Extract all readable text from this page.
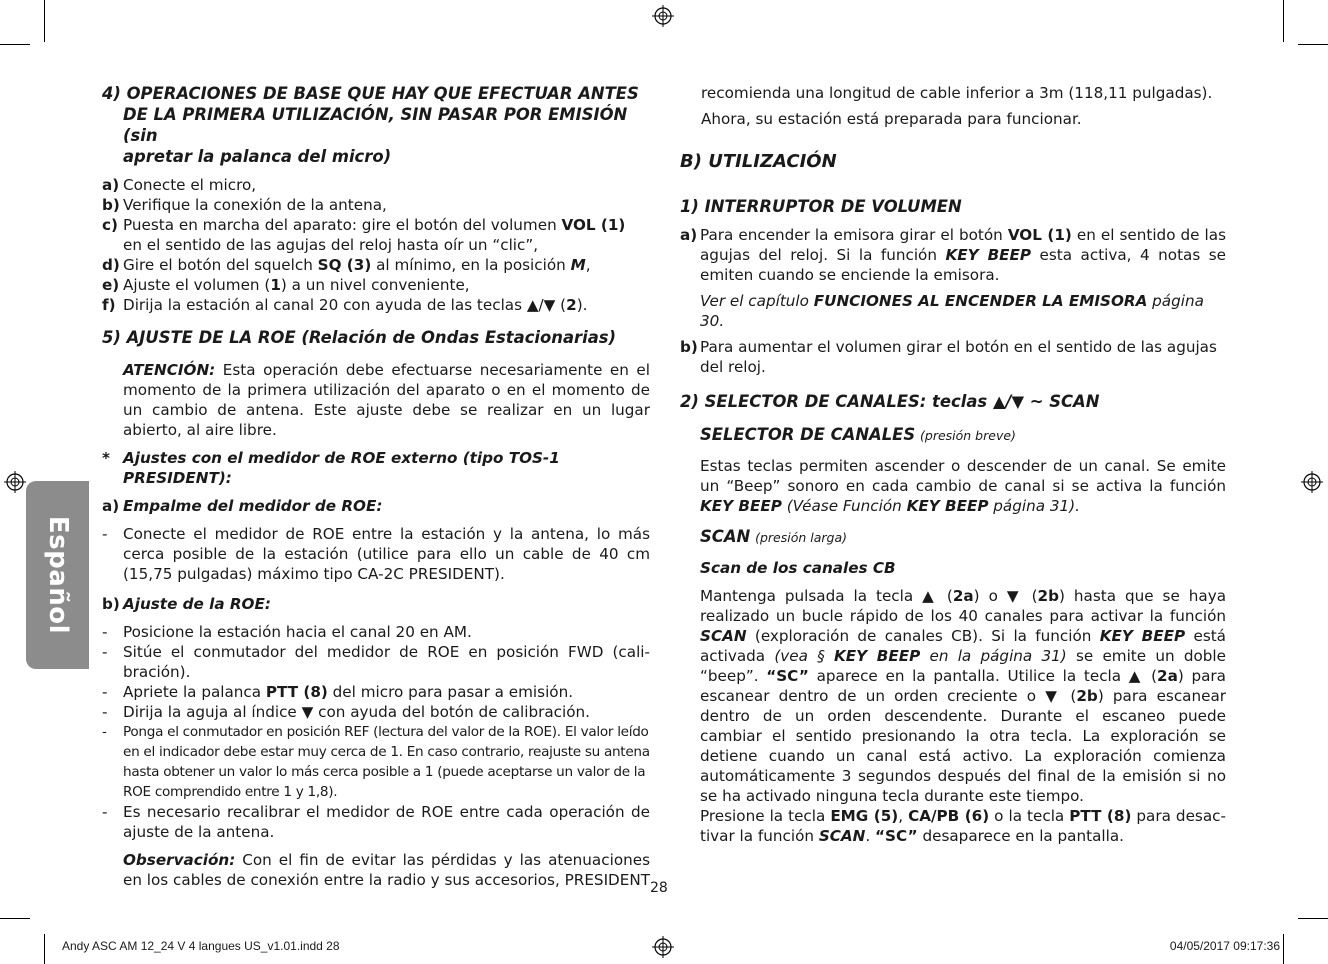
Español
4) OPERACIONES DE BASE QUE HAY QUE EFECTUAR ANTES
DE LA PRIMERA UTILIZACIÓN, SIN PASAR POR EMISIÓN (sin
apretar la palanca del micro)
a) Conecte el micro,
b) Verifique la conexión de la antena,
c) Puesta en marcha del aparato: gire el botón del volumen VOL (1)
en el sentido de las agujas del reloj hasta oír un “clic”,
d) Gire el botón del squelch SQ (3) al mínimo, en la posición M,
e) Ajuste el volumen (1) a un nivel conveniente,
f) Dirija la estación al canal 20 con ayuda de las teclas ▲/▼ (2).
5) AJUSTE DE LA ROE (Relación de Ondas Estacionarias)
ATENCIÓN: Esta operación debe efectuarse necesariamente en el momento de la primera utilización del aparato o en el momento de un cambio de antena. Este ajuste debe se realizar en un lugar abierto, al aire libre.
* Ajustes con el medidor de ROE externo (tipo TOS-1 PRESIDENT):
a) Empalme del medidor de ROE:
-	Conecte el medidor de ROE entre la estación y la antena, lo más cerca posible de la estación (utilice para ello un cable de 40 cm (15,75 pulgadas) máximo tipo CA-2C PRESIDENT).
b) Ajuste de la ROE:
-	Posicione la estación hacia el canal 20 en AM.
-	Sitúe el conmutador del medidor de ROE en posición FWD (cali-bración).
-	Apriete la palanca PTT (8) del micro para pasar a emisión.
-	Dirija la aguja al índice ▼ con ayuda del botón de calibración.
-	Ponga el conmutador en posición REF (lectura del valor de la ROE). El valor leído en el indicador debe estar muy cerca de 1. En caso contrario, reajuste su antena hasta obtener un valor lo más cerca posible a 1 (puede aceptarse un valor de la ROE comprendido entre 1 y 1,8).
-	Es necesario recalibrar el medidor de ROE entre cada operación de ajuste de la antena.
Observación: Con el fin de evitar las pérdidas y las atenuaciones en los cables de conexión entre la radio y sus accesorios, PRESIDENT
recomienda una longitud de cable inferior a 3m (118,11 pulgadas).
Ahora, su estación está preparada para funcionar.
B) UTILIZACIÓN
1) INTERRUPTOR DE VOLUMEN
a) Para encender la emisora girar el botón VOL (1) en el sentido de las agujas del reloj. Si la función KEY BEEP esta activa, 4 notas se emiten cuando se enciende la emisora.
Ver el capítulo FUNCIONES AL ENCENDER LA EMISORA página 30.
b) Para aumentar el volumen girar el botón en el sentido de las agujas del reloj.
2) SELECTOR DE CANALES: teclas ▲/▼ ~ SCAN
SELECTOR DE CANALES (presión breve)
Estas teclas permiten ascender o descender de un canal. Se emite un “Beep” sonoro en cada cambio de canal si se activa la función KEY BEEP (Véase Función KEY BEEP página 31).
SCAN (presión larga)
Scan de los canales CB
Mantenga pulsada la tecla ▲ (2a) o ▼ (2b) hasta que se haya realizado un bucle rápido de los 40 canales para activar la función SCAN (exploración de canales CB). Si la función KEY BEEP está activada (vea § KEY BEEP en la página 31) se emite un doble “beep”. “SC” aparece en la pantalla. Utilice la tecla ▲ (2a) para escanear dentro de un orden creciente o ▼ (2b) para escanear dentro de un orden descendente. Durante el escaneo puede cambiar el sentido presionando la otra tecla. La exploración se detiene cuando un canal está activo. La exploración comienza automáticamente 3 segundos después del final de la emisión si no se ha activado ninguna tecla durante este tiempo.
Presione la tecla EMG (5), CA/PB (6) o la tecla PTT (8) para desac-tivar la función SCAN. “SC” desaparece en la pantalla.
28
Andy ASC AM 12_24 V 4 langues US_v1.01.indd 28	04/05/2017 09:17:36
